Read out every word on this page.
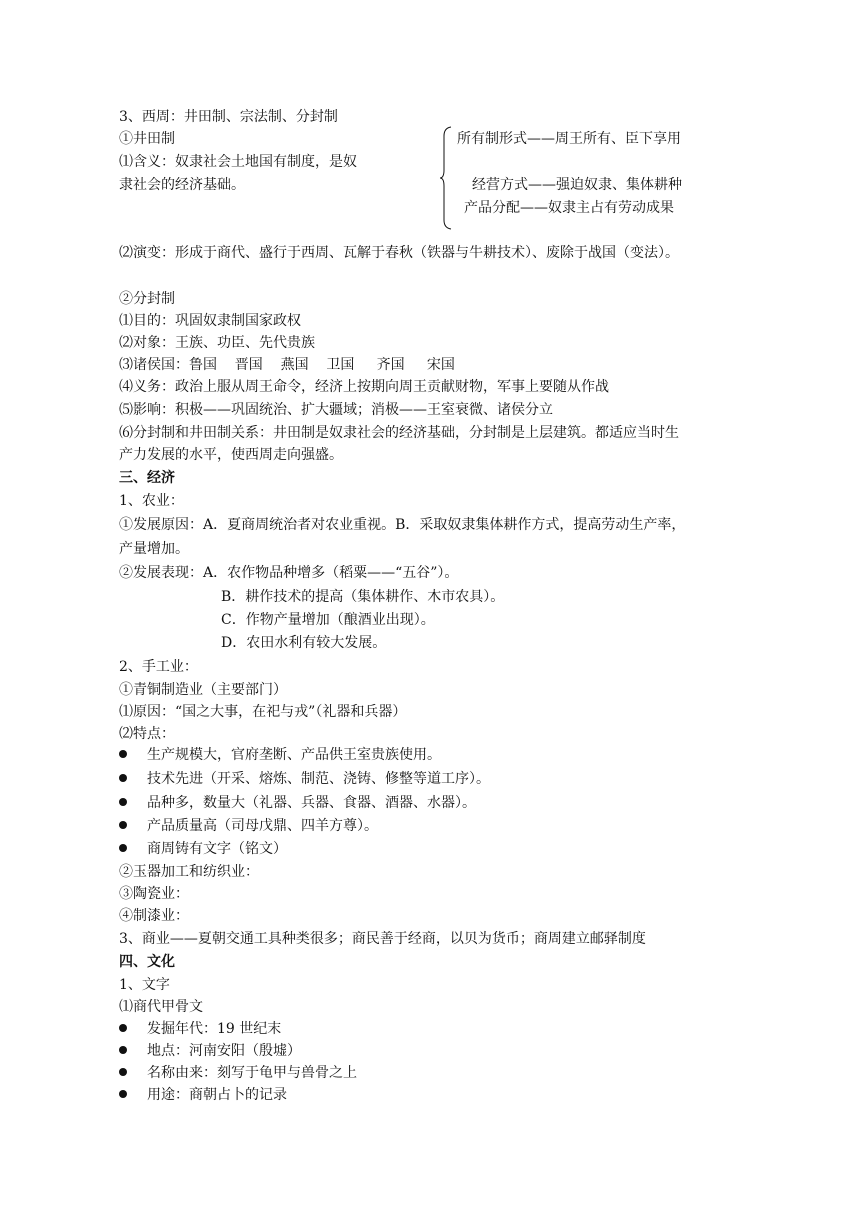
3、西周：井田制、宗法制、分封制
①井田制
⑴含义：奴隶社会土地国有制度，是奴
隶社会的经济基础。
所有制形式——周王所有、臣下享用
经营方式——强迫奴隶、集体耕种
产品分配——奴隶主占有劳动成果
⑵演变：形成于商代、盛行于西周、瓦解于春秋（铁器与牛耕技术）、废除于战国（变法）。
②分封制
⑴目的：巩固奴隶制国家政权
⑵对象：王族、功臣、先代贵族
⑶诸侯国：鲁国    晋国    燕国    卫国     齐国     宋国
⑷义务：政治上服从周王命令，经济上按期向周王贡献财物，军事上要随从作战
⑸影响：积极——巩固统治、扩大疆域；消极——王室衰微、诸侯分立
⑹分封制和井田制关系：井田制是奴隶社会的经济基础，分封制是上层建筑。都适应当时生
产力发展的水平，使西周走向强盛。
三、经济
1、农业：
①发展原因：A．夏商周统治者对农业重视。B．采取奴隶集体耕作方式，提高劳动生产率，
产量增加。
②发展表现：A．农作物品种增多（稻粟——“五谷”）。
B．耕作技术的提高（集体耕作、木市农具）。
C．作物产量增加（酿酒业出现）。
D．农田水利有较大发展。
2、手工业：
①青铜制造业（主要部门）
⑴原因：“国之大事，在祀与戎”（礼器和兵器）
⑵特点：
生产规模大，官府垄断、产品供王室贵族使用。
技术先进（开采、熔炼、制范、浇铸、修整等道工序）。
品种多，数量大（礼器、兵器、食器、酒器、水器）。
产品质量高（司母戊鼎、四羊方尊）。
商周铸有文字（铭文）
②玉器加工和纺织业：
③陶瓷业：
④制漆业：
3、商业——夏朝交通工具种类很多；商民善于经商，以贝为货币；商周建立邮驿制度
四、文化
1、文字
⑴商代甲骨文
发掘年代：19 世纪末
地点：河南安阳（殷墟）
名称由来：刻写于龟甲与兽骨之上
用途：商朝占卜的记录
